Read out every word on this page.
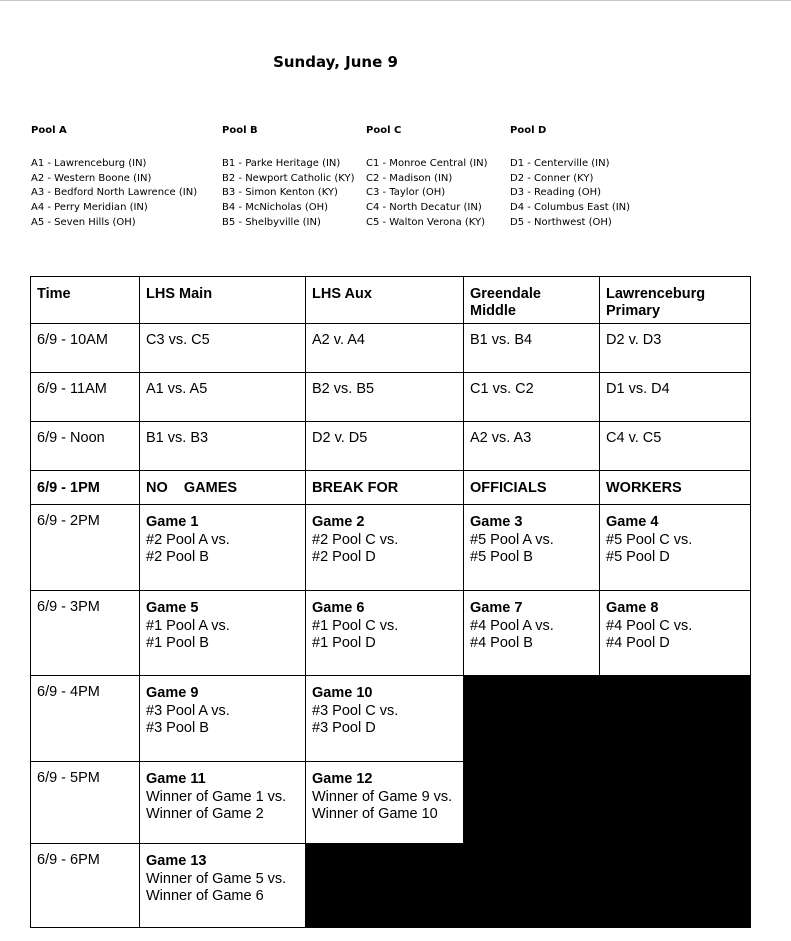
Sunday, June 9
Pool A
A1 - Lawrenceburg (IN)
A2 - Western Boone (IN)
A3 - Bedford North Lawrence (IN)
A4 - Perry Meridian (IN)
A5 - Seven Hills (OH)
Pool B
B1 - Parke Heritage (IN)
B2 - Newport Catholic (KY)
B3 - Simon Kenton (KY)
B4 - McNicholas (OH)
B5 - Shelbyville (IN)
Pool C
C1 - Monroe Central (IN)
C2 - Madison (IN)
C3 - Taylor (OH)
C4 - North Decatur (IN)
C5 - Walton Verona (KY)
Pool D
D1 - Centerville (IN)
D2 - Conner (KY)
D3 - Reading (OH)
D4 - Columbus East (IN)
D5 - Northwest (OH)
Time	LHS Main	LHS Aux	Greendale
Middle	Lawrenceburg
Primary

6/9 - 10AM	C3 vs. C5	A2 v. A4	B1 vs. B4	D2 v. D3
6/9 - 11AM	A1 vs. A5	B2 vs. B5	C1 vs. C2	D1 vs. D4
6/9 - Noon	B1 vs. B3	D2 v. D5	A2 vs. A3	C4 v. C5
6/9 - 1PM	NO    GAMES	BREAK FOR	OFFICIALS	WORKERS
6/9 - 2PM	Game 1
#2 Pool A vs.
#2 Pool B	Game 2
#2 Pool C vs.
#2 Pool D	Game 3
#5 Pool A vs.
#5 Pool B	Game 4
#5 Pool C vs.
#5 Pool D

6/9 - 3PM	Game 5
#1 Pool A vs.
#1 Pool B	Game 6
#1 Pool C vs.
#1 Pool D	Game 7
#4 Pool A vs.
#4 Pool B	Game 8
#4 Pool C vs.
#4 Pool D

6/9 - 4PM	Game 9
#3 Pool A vs.
#3 Pool B	Game 10
#3 Pool C vs.
#3 Pool D		

6/9 - 5PM	Game 11
Winner of Game 1 vs.
Winner of Game 2	Game 12
Winner of Game 9 vs.
Winner of Game 10		

6/9 - 6PM	Game 13
Winner of Game 5 vs.
Winner of Game 6			
